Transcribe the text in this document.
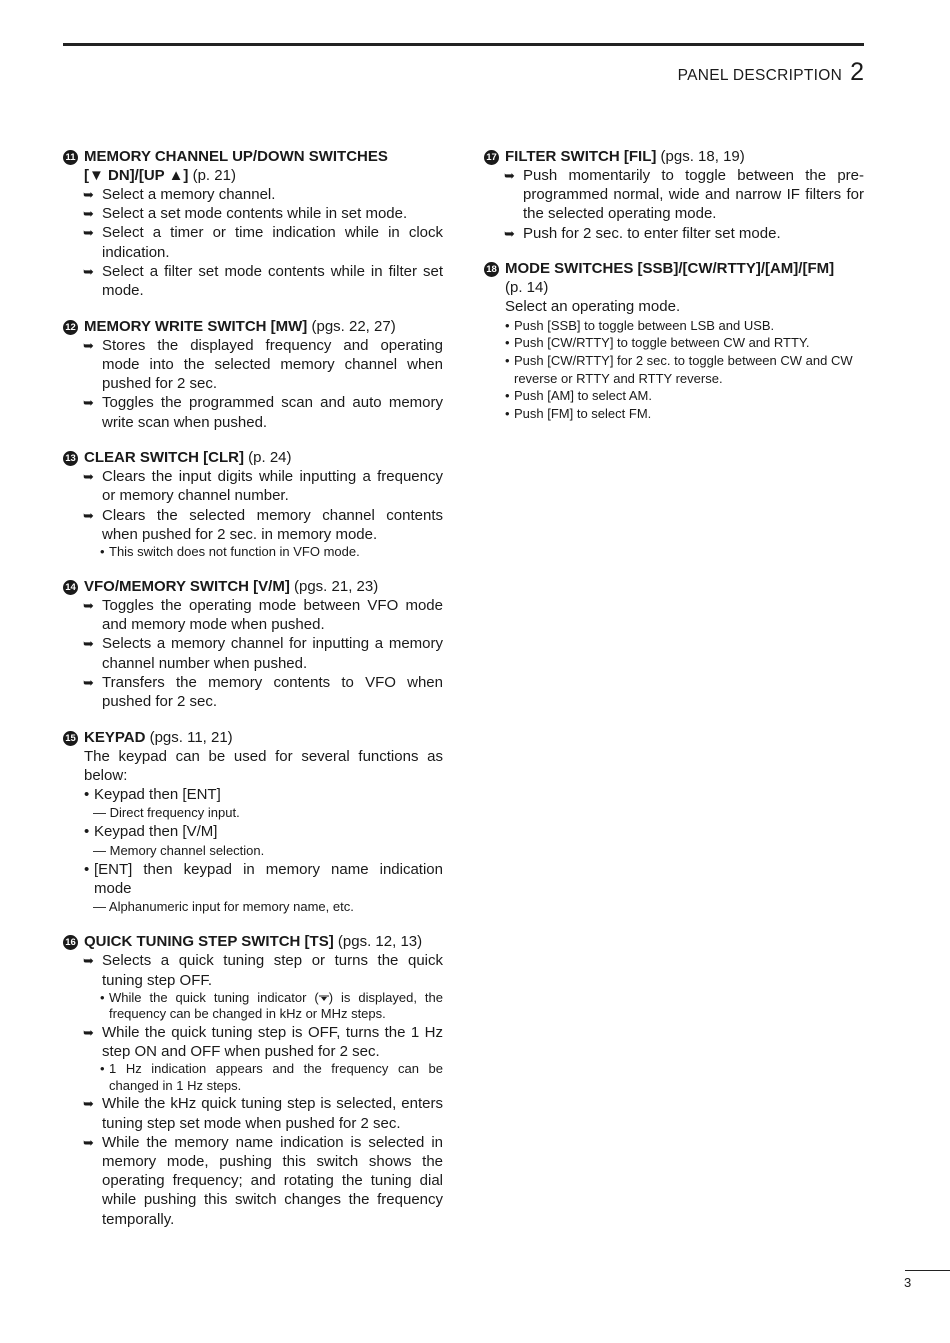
PANEL DESCRIPTION 2
11 MEMORY CHANNEL UP/DOWN SWITCHES
[▼ DN]/[UP ▲] (p. 21)
➥ Select a memory channel.
➥ Select a set mode contents while in set mode.
➥ Select a timer or time indication while in clock indication.
➥ Select a filter set mode contents while in filter set mode.
12 MEMORY WRITE SWITCH [MW] (pgs. 22, 27)
➥ Stores the displayed frequency and operating mode into the selected memory channel when pushed for 2 sec.
➥ Toggles the programmed scan and auto memory write scan when pushed.
13 CLEAR SWITCH [CLR] (p. 24)
➥ Clears the input digits while inputting a frequency or memory channel number.
➥ Clears the selected memory channel contents when pushed for 2 sec. in memory mode.
• This switch does not function in VFO mode.
14 VFO/MEMORY SWITCH [V/M] (pgs. 21, 23)
➥ Toggles the operating mode between VFO mode and memory mode when pushed.
➥ Selects a memory channel for inputting a memory channel number when pushed.
➥ Transfers the memory contents to VFO when pushed for 2 sec.
15 KEYPAD (pgs. 11, 21)
The keypad can be used for several functions as below:
• Keypad then [ENT]
— Direct frequency input.
• Keypad then [V/M]
— Memory channel selection.
• [ENT] then keypad in memory name indication mode
— Alphanumeric input for memory name, etc.
16 QUICK TUNING STEP SWITCH [TS] (pgs. 12, 13)
➥ Selects a quick tuning step or turns the quick tuning step OFF.
• While the quick tuning indicator ( ) is displayed, the frequency can be changed in kHz or MHz steps.
➥ While the quick tuning step is OFF, turns the 1 Hz step ON and OFF when pushed for 2 sec.
• 1 Hz indication appears and the frequency can be changed in 1 Hz steps.
➥ While the kHz quick tuning step is selected, enters tuning step set mode when pushed for 2 sec.
➥ While the memory name indication is selected in memory mode, pushing this switch shows the operating frequency; and rotating the tuning dial while pushing this switch changes the frequency temporally.
17 FILTER SWITCH [FIL] (pgs. 18, 19)
➥ Push momentarily to toggle between the pre-programmed normal, wide and narrow IF filters for the selected operating mode.
➥ Push for 2 sec. to enter filter set mode.
18 MODE SWITCHES [SSB]/[CW/RTTY]/[AM]/[FM]
(p. 14)
Select an operating mode.
• Push [SSB] to toggle between LSB and USB.
• Push [CW/RTTY] to toggle between CW and RTTY.
• Push [CW/RTTY] for 2 sec. to toggle between CW and CW reverse or RTTY and RTTY reverse.
• Push [AM] to select AM.
• Push [FM] to select FM.
3
